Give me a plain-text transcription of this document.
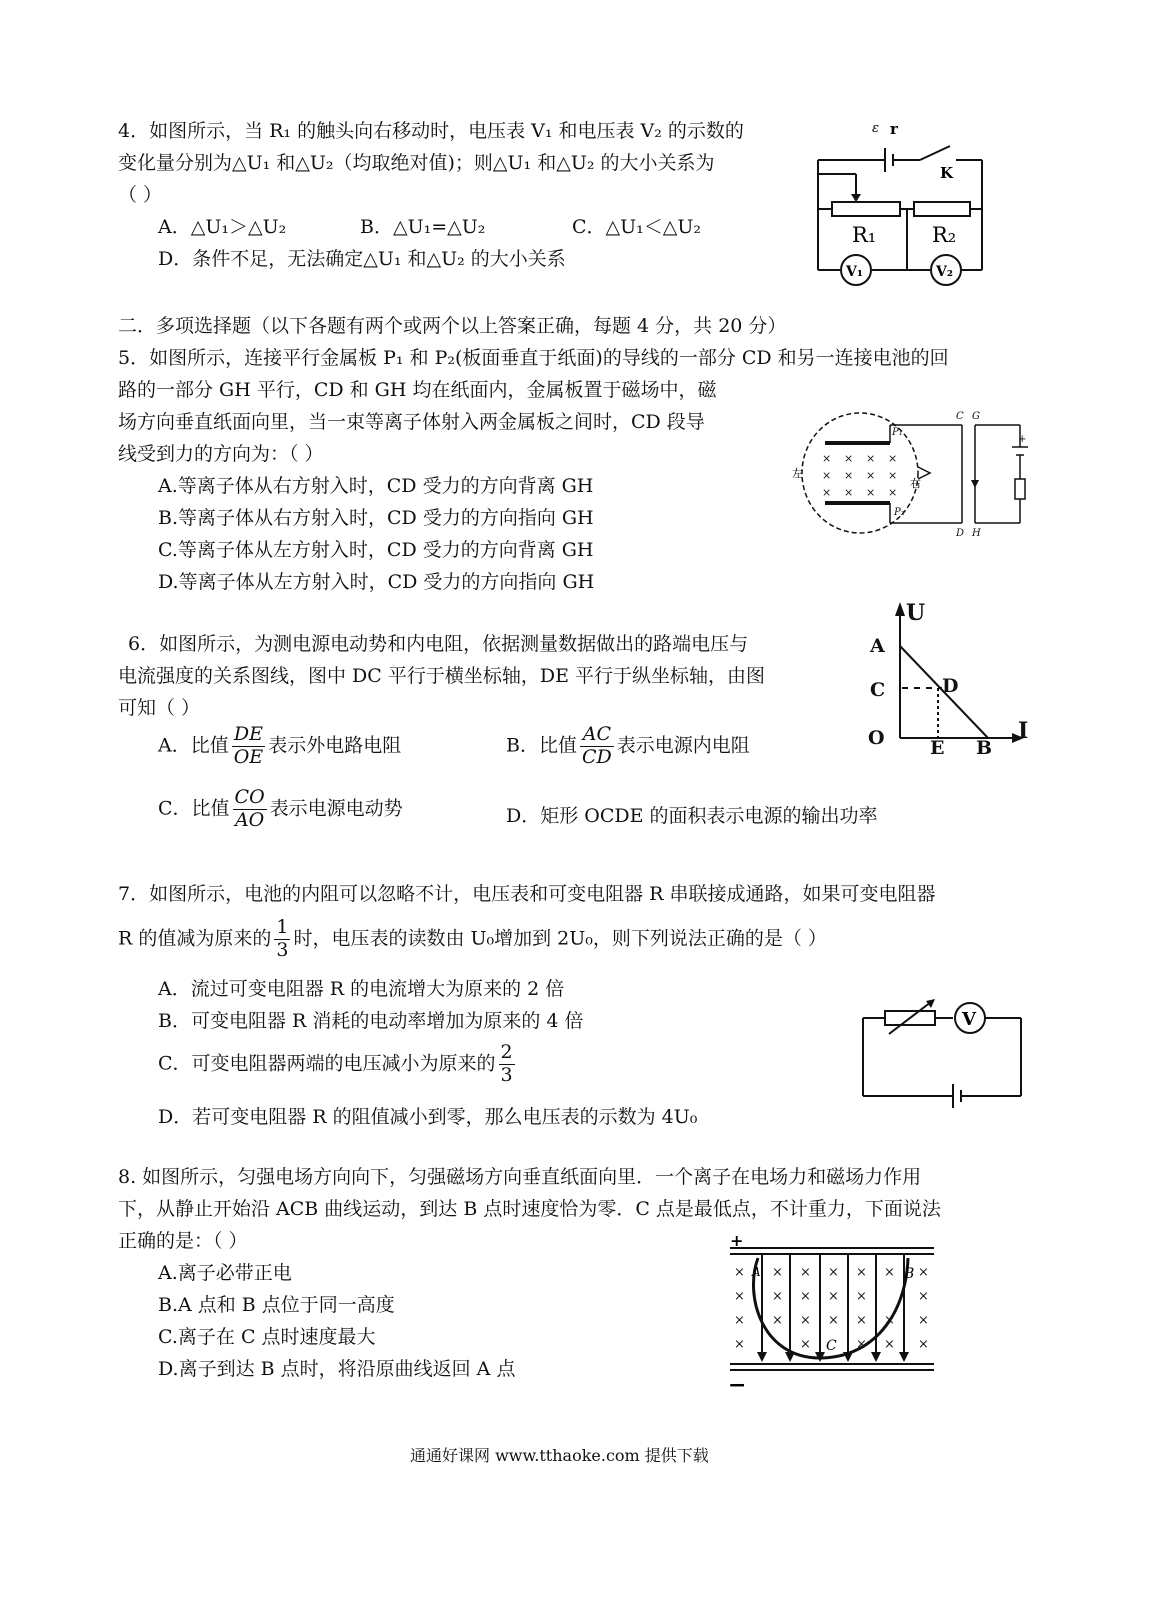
4．如图所示，当 R₁ 的触头向右移动时，电压表 V₁ 和电压表 V₂ 的示数的
变化量分别为△U₁ 和△U₂（均取绝对值)；则△U₁ 和△U₂ 的大小关系为
（ ）
A．△U₁＞△U₂	B．△U₁=△U₂	C．△U₁＜△U₂
D．条件不足，无法确定△U₁ 和△U₂ 的大小关系
ε r
K
R₁	R₂
V₁	V₂
二．多项选择题（以下各题有两个或两个以上答案正确，每题 4 分，共 20 分）
5．如图所示，连接平行金属板 P₁ 和 P₂(板面垂直于纸面)的导线的一部分 CD 和另一连接电池的回
路的一部分 GH 平行，CD 和 GH 均在纸面内，金属板置于磁场中，磁
场方向垂直纸面向里，当一束等离子体射入两金属板之间时，CD 段导
线受到力的方向为：（ ）
A.等离子体从右方射入时，CD 受力的方向背离 GH
B.等离子体从右方射入时，CD 受力的方向指向 GH
C.等离子体从左方射入时，CD 受力的方向背离 GH
D.等离子体从左方射入时，CD 受力的方向指向 GH
× × × ×
× × × ×
× × × ×
C G
D H
P₁
P₂
+
左
右
6．如图所示，为测电源电动势和内电阻，依据测量数据做出的路端电压与
电流强度的关系图线，图中 DC 平行于横坐标轴，DE 平行于纵坐标轴，由图
可知（ ）
A．比值 $\frac{DE}{OE}$ 表示外电路电阻	B．比值 $\frac{AC}{CD}$ 表示电源内电阻
C．比值 $\frac{CO}{AO}$ 表示电源电动势	D．矩形 OCDE 的面积表示电源的输出功率
U
I
A
C	D
O E B
7．如图所示，电池的内阻可以忽略不计，电压表和可变电阻器 R 串联接成通路，如果可变电阻器
R 的值减为原来的 $\frac{1}{3}$ 时，电压表的读数由 U₀增加到 2U₀，则下列说法正确的是（ ）
A．流过可变电阻器 R 的电流增大为原来的 2 倍
B．可变电阻器 R 消耗的电动率增加为原来的 4 倍
C．可变电阻器两端的电压减小为原来的 $\frac{2}{3}$
D．若可变电阻器 R 的阻值减小到零，那么电压表的示数为 4U₀
V
8. 如图所示，匀强电场方向向下，匀强磁场方向垂直纸面向里．一个离子在电场力和磁场力作用
下，从静止开始沿 ACB 曲线运动，到达 B 点时速度恰为零．C 点是最低点，不计重力，下面说法
正确的是：（ ）
A.离子必带正电
B.A 点和 B 点位于同一高度
C.离子在 C 点时速度最大
D.离子到达 B 点时，将沿原曲线返回 A 点
×
×
×
×
×
×
×
×
×
×
×
×
×
×
×
×
×
×
×
×
×
×
×
×
×
+
−
A	B
C
通通好课网 www.tthaoke.com 提供下载
